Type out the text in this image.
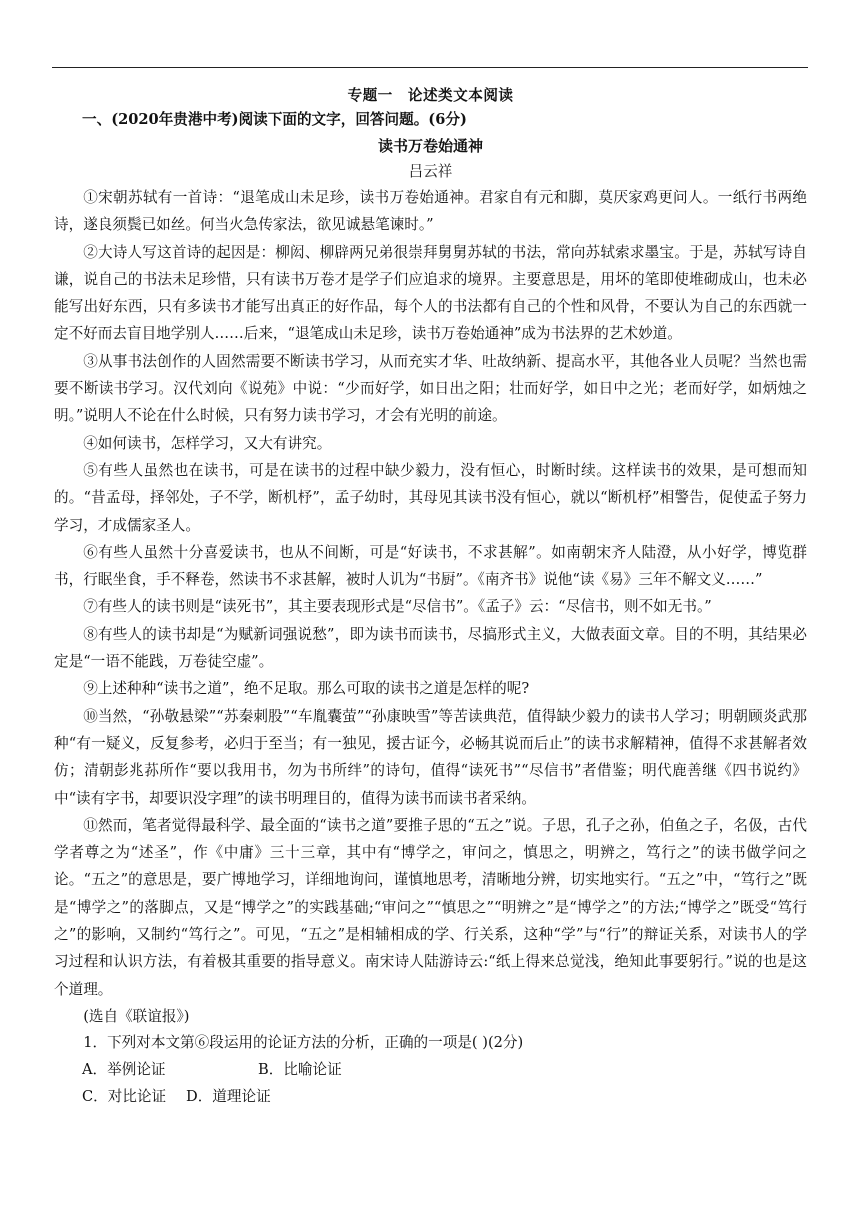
专题一　论述类文本阅读
一、(2020年贵港中考)阅读下面的文字，回答问题。(6分)
读书万卷始通神
吕云祥

①宋朝苏轼有一首诗：“退笔成山未足珍，读书万卷始通神。君家自有元和脚，莫厌家鸡更问人。一纸行书两绝诗，遂良须鬓已如丝。何当火急传家法，欲见诚悬笔谏时。”

②大诗人写这首诗的起因是：柳闳、柳辟两兄弟很崇拜舅舅苏轼的书法，常向苏轼索求墨宝。于是，苏轼写诗自谦，说自己的书法未足珍惜，只有读书万卷才是学子们应追求的境界。主要意思是，用坏的笔即使堆砌成山，也未必能写出好东西，只有多读书才能写出真正的好作品，每个人的书法都有自己的个性和风骨，不要认为自己的东西就一定不好而去盲目地学别人……后来，“退笔成山未足珍，读书万卷始通神”成为书法界的艺术妙道。

③从事书法创作的人固然需要不断读书学习，从而充实才华、吐故纳新、提高水平，其他各业人员呢？当然也需要不断读书学习。汉代刘向《说苑》中说：“少而好学，如日出之阳；壮而好学，如日中之光；老而好学，如炳烛之明。”说明人不论在什么时候，只有努力读书学习，才会有光明的前途。

④如何读书，怎样学习，又大有讲究。

⑤有些人虽然也在读书，可是在读书的过程中缺少毅力，没有恒心，时断时续。这样读书的效果，是可想而知的。“昔孟母，择邻处，子不学，断机杼”，孟子幼时，其母见其读书没有恒心，就以“断机杼”相警告，促使孟子努力学习，才成儒家圣人。

⑥有些人虽然十分喜爱读书，也从不间断，可是“好读书，不求甚解”。如南朝宋齐人陆澄，从小好学，博览群书，行眠坐食，手不释卷，然读书不求甚解，被时人讥为“书厨”。《南齐书》说他“读《易》三年不解文义……”

⑦有些人的读书则是“读死书”，其主要表现形式是“尽信书”。《孟子》云：“尽信书，则不如无书。”

⑧有些人的读书却是“为赋新词强说愁”，即为读书而读书，尽搞形式主义，大做表面文章。目的不明，其结果必定是“一语不能践，万卷徒空虚”。

⑨上述种种“读书之道”，绝不足取。那么可取的读书之道是怎样的呢?

⑩当然，“孙敬悬梁”“苏秦刺股”“车胤囊萤”“孙康映雪”等苦读典范，值得缺少毅力的读书人学习；明朝顾炎武那种“有一疑义，反复参考，必归于至当；有一独见，援古证今，必畅其说而后止”的读书求解精神，值得不求甚解者效仿；清朝彭兆荪所作“要以我用书，勿为书所绊”的诗句，值得“读死书”“尽信书”者借鉴；明代鹿善继《四书说约》中“读有字书，却要识没字理”的读书明理目的，值得为读书而读书者采纳。

⑪然而，笔者觉得最科学、最全面的“读书之道”要推子思的“五之”说。子思，孔子之孙，伯鱼之子，名伋，古代学者尊之为“述圣”，作《中庸》三十三章，其中有“博学之，审问之，慎思之，明辨之，笃行之”的读书做学问之论。“五之”的意思是，要广博地学习，详细地询问，谨慎地思考，清晰地分辨，切实地实行。“五之”中，“笃行之”既是“博学之”的落脚点，又是“博学之”的实践基础;“审问之”“慎思之”“明辨之”是“博学之”的方法;“博学之”既受“笃行之”的影响，又制约“笃行之”。可见，“五之”是相辅相成的学、行关系，这种“学”与“行”的辩证关系，对读书人的学习过程和认识方法，有着极其重要的指导意义。南宋诗人陆游诗云:“纸上得来总觉浅，绝知此事要躬行。”说的也是这个道理。

(选自《联谊报》)

1．下列对本文第⑥段运用的论证方法的分析，正确的一项是( )(2分)

A．举例论证	B．比喻论证
C．对比论证 D．道理论证
